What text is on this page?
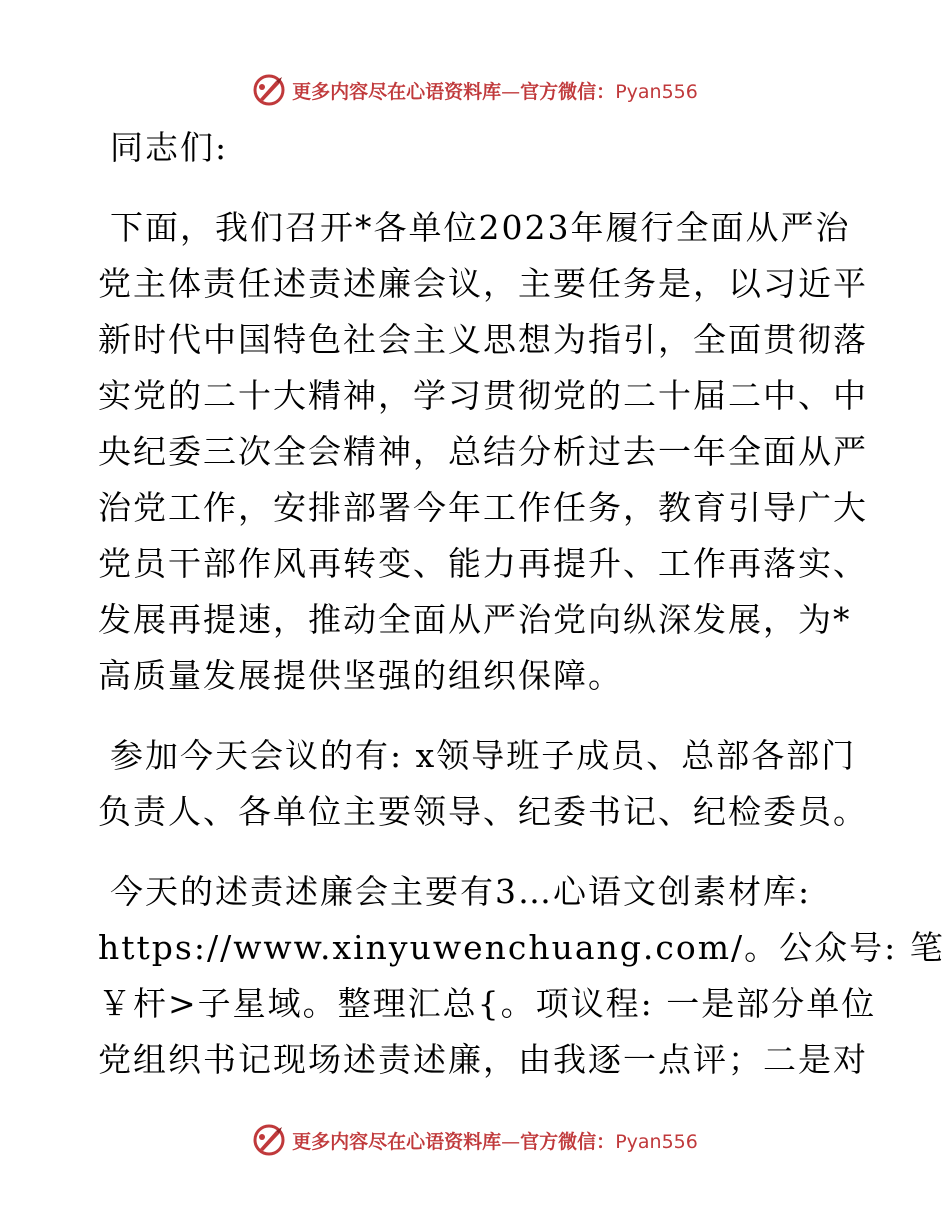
更多内容尽在心语资料库—官方微信：Pyan556
同志们:
下面，我们召开*各单位2023年履行全面从严治
党主体责任述责述廉会议，主要任务是，以习近平
新时代中国特色社会主义思想为指引，全面贯彻落
实党的二十大精神，学习贯彻党的二十届二中、中
央纪委三次全会精神，总结分析过去一年全面从严
治党工作，安排部署今年工作任务，教育引导广大
党员干部作风再转变、能力再提升、工作再落实、
发展再提速，推动全面从严治党向纵深发展，为*
高质量发展提供坚强的组织保障。
参加今天会议的有: x领导班子成员、总部各部门
负责人、各单位主要领导、纪委书记、纪检委员。
今天的述责述廉会主要有3…心语文创素材库:
https://www.xinyuwenchuang.com/。公众号: 笔
￥杆>子星域。整理汇总{。项议程: 一是部分单位
党组织书记现场述责述廉，由我逐一点评；二是对
更多内容尽在心语资料库—官方微信：Pyan556
